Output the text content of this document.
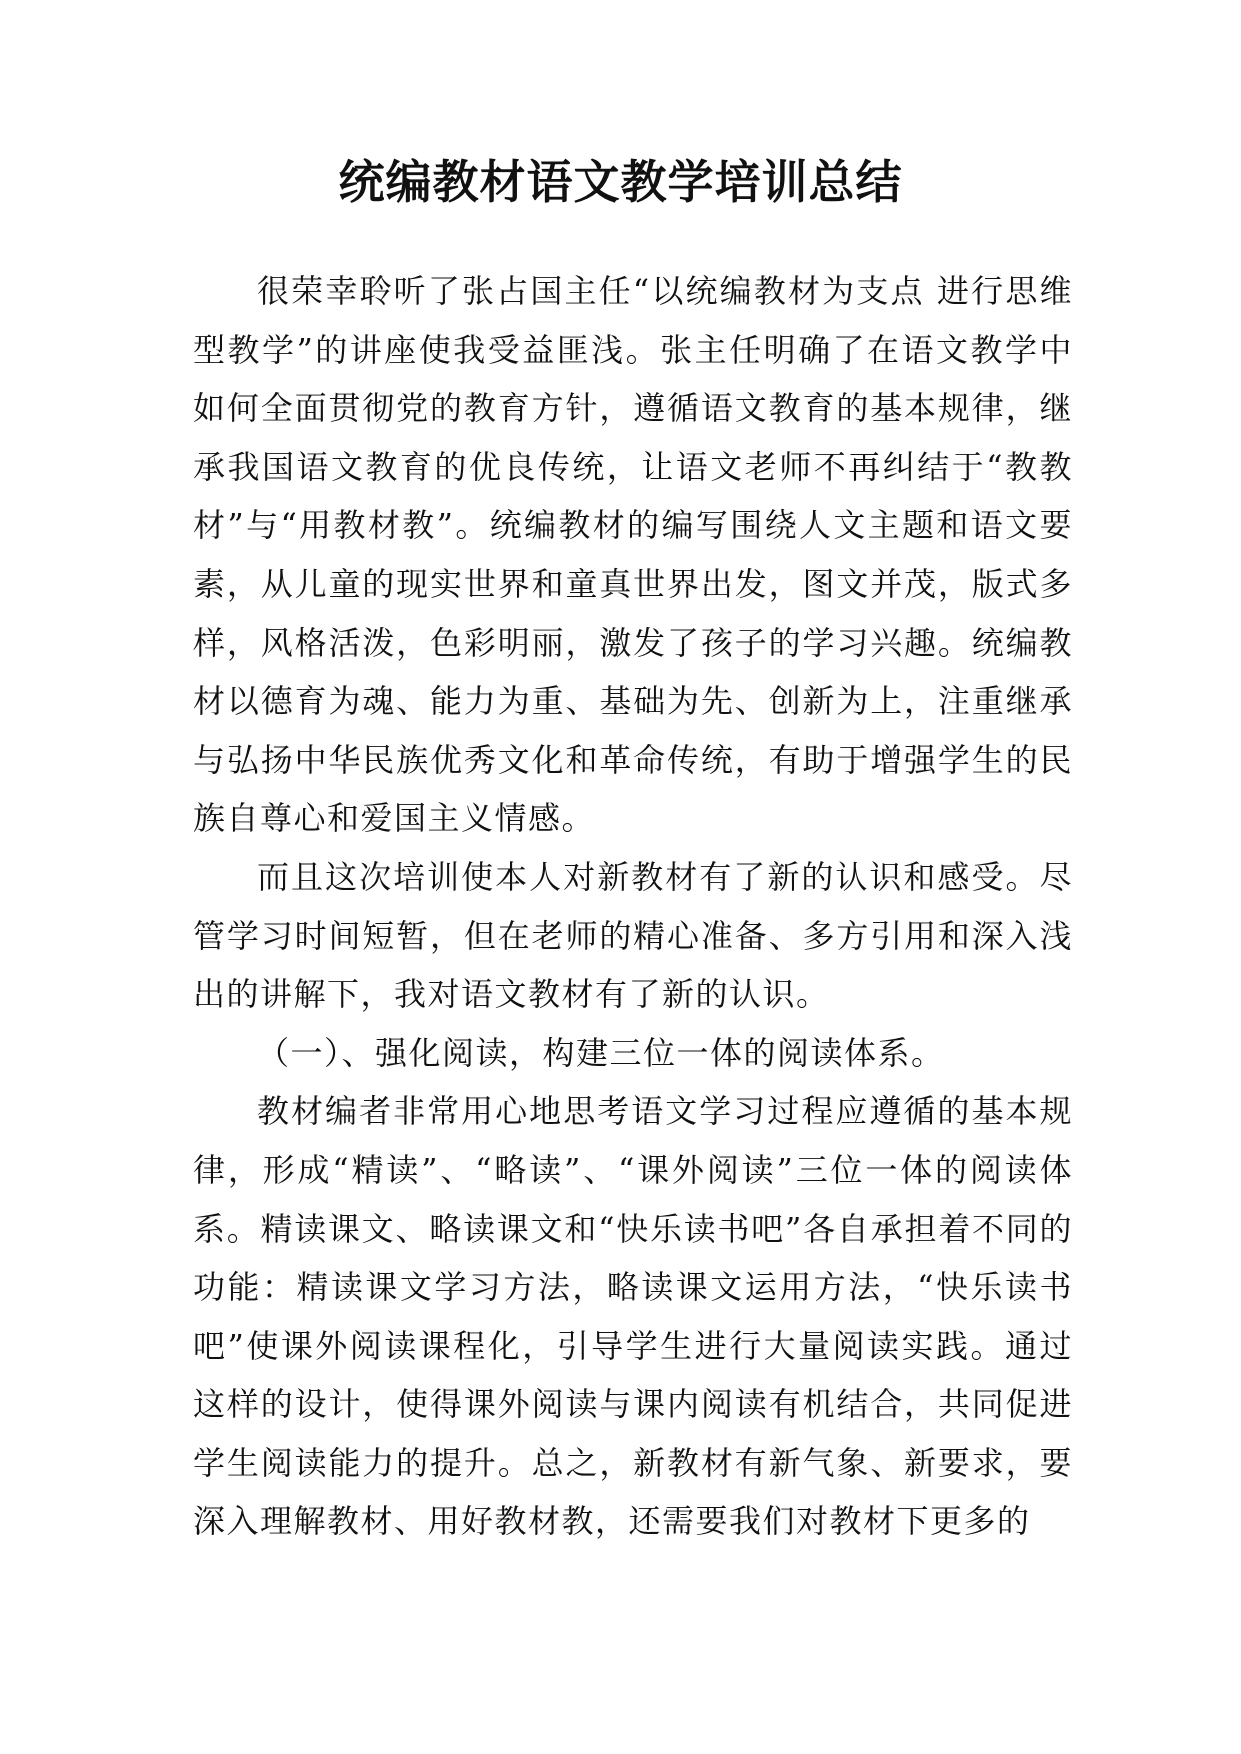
统编教材语文教学培训总结

很荣幸聆听了张占国主任“以统编教材为支点 进行思维型教学”的讲座使我受益匪浅。张主任明确了在语文教学中如何全面贯彻党的教育方针，遵循语文教育的基本规律，继承我国语文教育的优良传统，让语文老师不再纠结于“教教材”与“用教材教”。统编教材的编写围绕人文主题和语文要素，从儿童的现实世界和童真世界出发，图文并茂，版式多样，风格活泼，色彩明丽，激发了孩子的学习兴趣。统编教材以德育为魂、能力为重、基础为先、创新为上，注重继承与弘扬中华民族优秀文化和革命传统，有助于增强学生的民族自尊心和爱国主义情感。

而且这次培训使本人对新教材有了新的认识和感受。尽管学习时间短暂，但在老师的精心准备、多方引用和深入浅出的讲解下，我对语文教材有了新的认识。

（一）、强化阅读，构建三位一体的阅读体系。

教材编者非常用心地思考语文学习过程应遵循的基本规律，形成“精读”、“略读”、“课外阅读”三位一体的阅读体系。精读课文、略读课文和“快乐读书吧”各自承担着不同的功能：精读课文学习方法，略读课文运用方法，“快乐读书吧”使课外阅读课程化，引导学生进行大量阅读实践。通过这样的设计，使得课外阅读与课内阅读有机结合，共同促进学生阅读能力的提升。总之，新教材有新气象、新要求，要深入理解教材、用好教材教，还需要我们对教材下更多的
